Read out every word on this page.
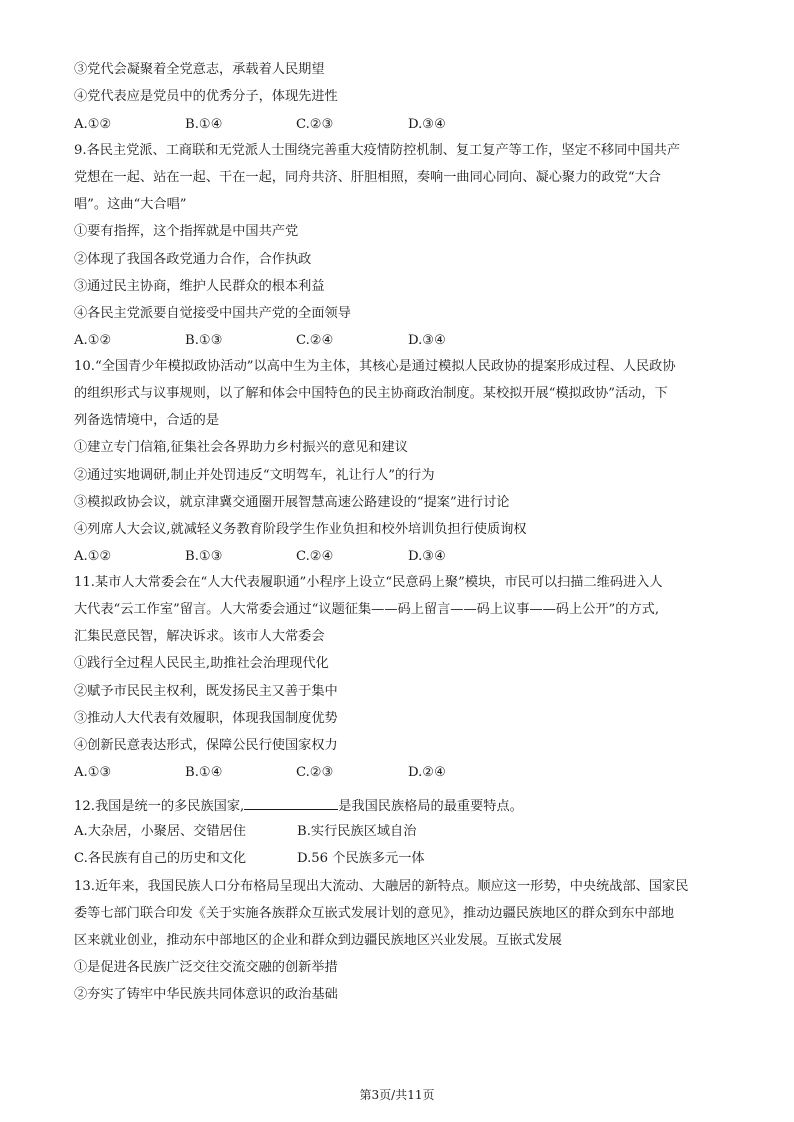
③党代会凝聚着全党意志，承载着人民期望
④党代表应是党员中的优秀分子，体现先进性
A.①②	B.①④	C.②③	D.③④
9.各民主党派、工商联和无党派人士围绕完善重大疫情防控机制、复工复产等工作，坚定不移同中国共产
党想在一起、站在一起、干在一起，同舟共济、肝胆相照，奏响一曲同心同向、凝心聚力的政党“大合
唱”。这曲“大合唱”
①要有指挥，这个指挥就是中国共产党
②体现了我国各政党通力合作，合作执政
③通过民主协商，维护人民群众的根本利益
④各民主党派要自觉接受中国共产党的全面领导
A.①②	B.①③	C.②④	D.③④
10.“全国青少年模拟政协活动”以高中生为主体，其核心是通过模拟人民政协的提案形成过程、人民政协
的组织形式与议事规则，以了解和体会中国特色的民主协商政治制度。某校拟开展“模拟政协”活动，下
列备选情境中，合适的是
①建立专门信箱,征集社会各界助力乡村振兴的意见和建议
②通过实地调研,制止并处罚违反“文明驾车，礼让行人”的行为
③模拟政协会议，就京津冀交通圈开展智慧高速公路建设的“提案”进行讨论
④列席人大会议,就减轻义务教育阶段学生作业负担和校外培训负担行使质询权
A.①②	B.①③	C.②④	D.③④
11.某市人大常委会在“人大代表履职通”小程序上设立“民意码上聚”模块，市民可以扫描二维码进入人
大代表“云工作室”留言。人大常委会通过“议题征集——码上留言——码上议事——码上公开”的方式,
汇集民意民智，解决诉求。该市人大常委会
①践行全过程人民民主,助推社会治理现代化
②赋予市民民主权利，既发扬民主又善于集中
③推动人大代表有效履职，体现我国制度优势
④创新民意表达形式，保障公民行使国家权力
A.①③	B.①④	C.②③	D.②④
12.我国是统一的多民族国家,	是我国民族格局的最重要特点。
A.大杂居，小聚居、交错居住	B.实行民族区域自治
C.各民族有自己的历史和文化	D.56 个民族多元一体
13.近年来，我国民族人口分布格局呈现出大流动、大融居的新特点。顺应这一形势，中央统战部、国家民
委等七部门联合印发《关于实施各族群众互嵌式发展计划的意见》，推动边疆民族地区的群众到东中部地
区来就业创业，推动东中部地区的企业和群众到边疆民族地区兴业发展。互嵌式发展
①是促进各民族广泛交往交流交融的创新举措
②夯实了铸牢中华民族共同体意识的政治基础
第3页/共11页
